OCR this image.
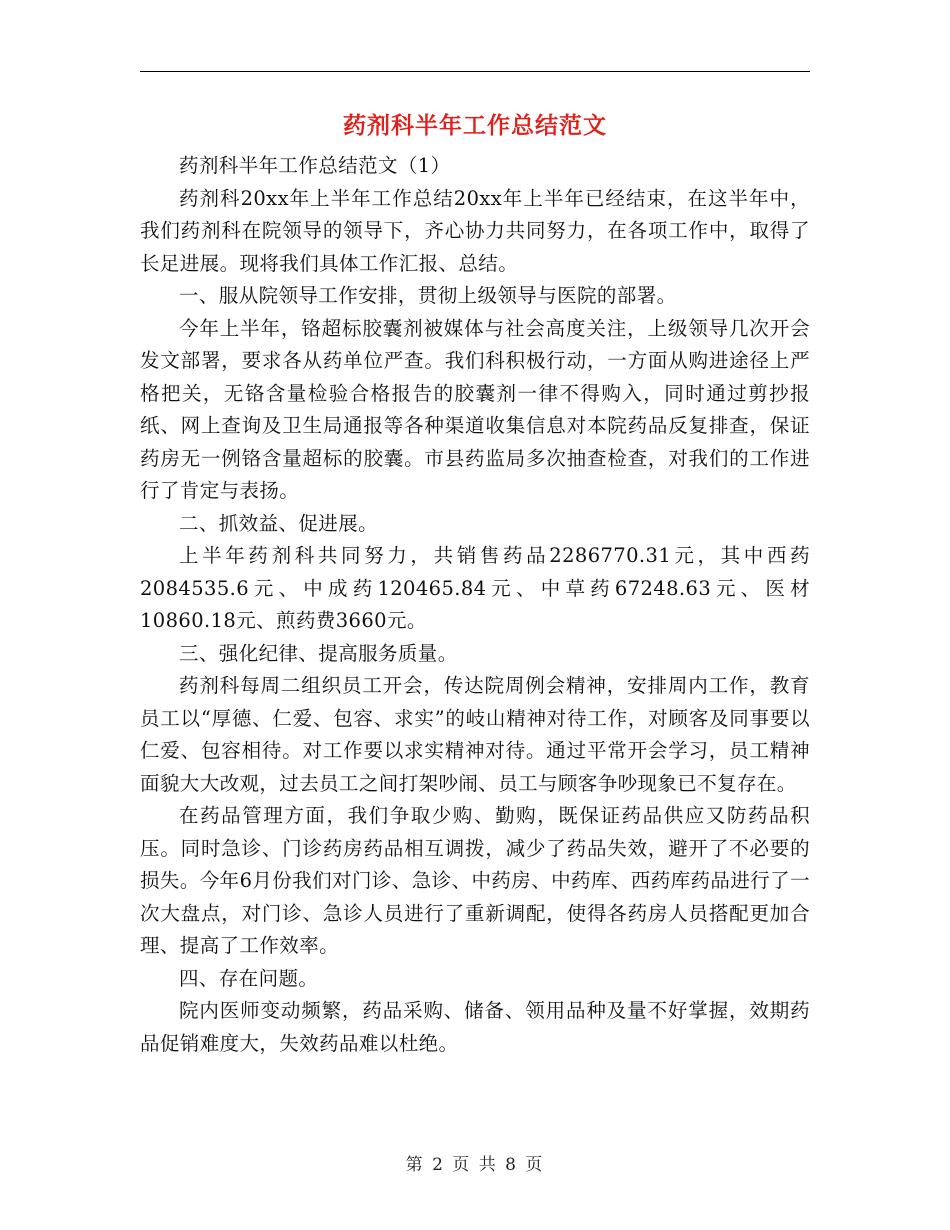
药剂科半年工作总结范文

药剂科半年工作总结范文（1）

药剂科20xx年上半年工作总结20xx年上半年已经结束，在这半年中，我们药剂科在院领导的领导下，齐心协力共同努力，在各项工作中，取得了长足进展。现将我们具体工作汇报、总结。

一、服从院领导工作安排，贯彻上级领导与医院的部署。

今年上半年，铬超标胶囊剂被媒体与社会高度关注，上级领导几次开会发文部署，要求各从药单位严查。我们科积极行动，一方面从购进途径上严格把关，无铬含量检验合格报告的胶囊剂一律不得购入，同时通过剪抄报纸、网上查询及卫生局通报等各种渠道收集信息对本院药品反复排查，保证药房无一例铬含量超标的胶囊。市县药监局多次抽查检查，对我们的工作进行了肯定与表扬。

二、抓效益、促进展。

上半年药剂科共同努力，共销售药品2286770.31元，其中西药2084535.6元、中成药120465.84元、中草药67248.63元、医材10860.18元、煎药费3660元。

三、强化纪律、提高服务质量。

药剂科每周二组织员工开会，传达院周例会精神，安排周内工作，教育员工以“厚德、仁爱、包容、求实”的岐山精神对待工作，对顾客及同事要以仁爱、包容相待。对工作要以求实精神对待。通过平常开会学习，员工精神面貌大大改观，过去员工之间打架吵闹、员工与顾客争吵现象已不复存在。

在药品管理方面，我们争取少购、勤购，既保证药品供应又防药品积压。同时急诊、门诊药房药品相互调拨，减少了药品失效，避开了不必要的损失。今年6月份我们对门诊、急诊、中药房、中药库、西药库药品进行了一次大盘点，对门诊、急诊人员进行了重新调配，使得各药房人员搭配更加合理、提高了工作效率。

四、存在问题。

院内医师变动频繁，药品采购、储备、领用品种及量不好掌握，效期药品促销难度大，失效药品难以杜绝。

第 2 页 共 8 页
